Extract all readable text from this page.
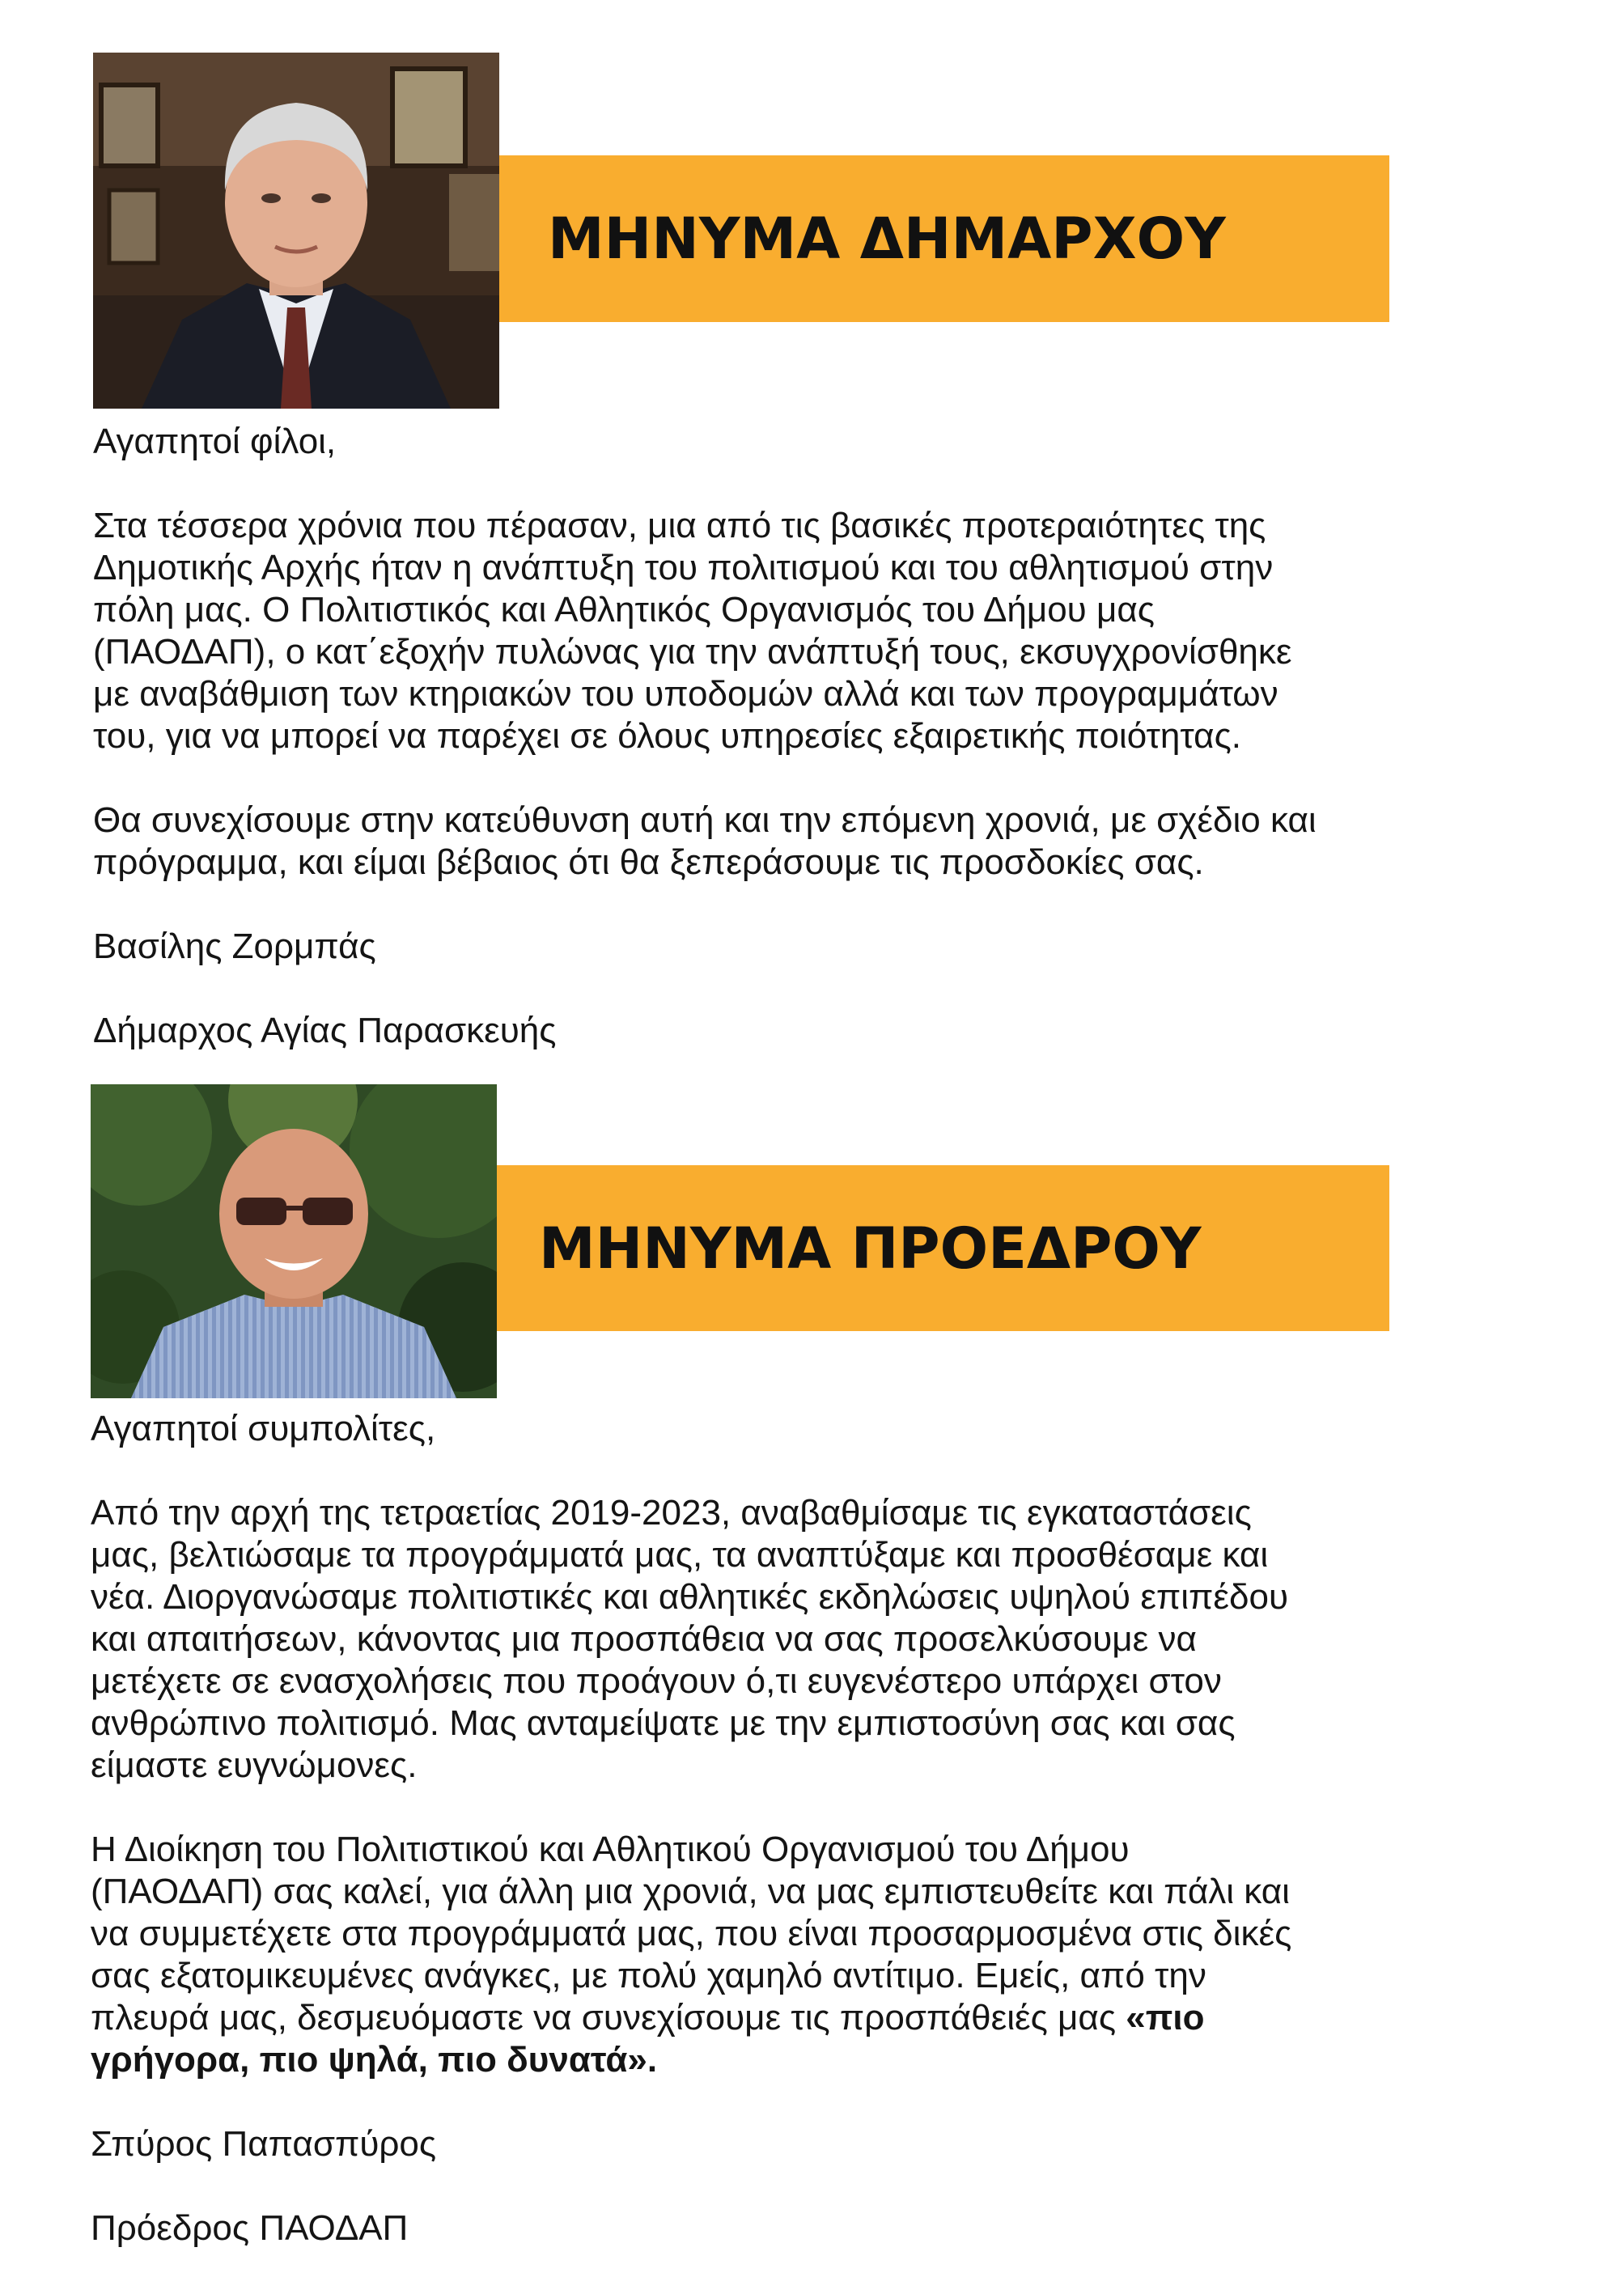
ΜΗΝΥΜΑ ΔΗΜΑΡΧΟΥ

Αγαπητοί φίλοι,

Στα τέσσερα χρόνια που πέρασαν, μια από τις βασικές προτεραιότητες της

Δημοτικής Αρχής ήταν η ανάπτυξη του πολιτισμού και του αθλητισμού στην

πόλη μας. Ο Πολιτιστικός και Αθλητικός Οργανισμός του Δήμου μας

(ΠΑΟΔΑΠ), ο κατ΄εξοχήν πυλώνας για την ανάπτυξή τους, εκσυγχρονίσθηκε

με αναβάθμιση των κτηριακών του υποδομών αλλά και των προγραμμάτων

του, για να μπορεί να παρέχει σε όλους υπηρεσίες εξαιρετικής ποιότητας.

Θα συνεχίσουμε στην κατεύθυνση αυτή και την επόμενη χρονιά, με σχέδιο και

πρόγραμμα, και είμαι βέβαιος ότι θα ξεπεράσουμε τις προσδοκίες σας.

Βασίλης Ζορμπάς

Δήμαρχος Αγίας Παρασκευής

ΜΗΝΥΜΑ ΠΡΟΕΔΡΟΥ

Αγαπητοί συμπολίτες,

Από την αρχή της τετραετίας 2019-2023, αναβαθμίσαμε τις εγκαταστάσεις

μας, βελτιώσαμε τα προγράμματά μας, τα αναπτύξαμε και προσθέσαμε και

νέα. Διοργανώσαμε πολιτιστικές και αθλητικές εκδηλώσεις υψηλού επιπέδου

και απαιτήσεων, κάνοντας μια προσπάθεια να σας προσελκύσουμε να

μετέχετε σε ενασχολήσεις που προάγουν ό,τι ευγενέστερο υπάρχει στον

ανθρώπινο πολιτισμό. Μας ανταμείψατε με την εμπιστοσύνη σας και σας

είμαστε ευγνώμονες.

Η Διοίκηση του Πολιτιστικού και Αθλητικού Οργανισμού του Δήμου

(ΠΑΟΔΑΠ) σας καλεί, για άλλη μια χρονιά, να μας εμπιστευθείτε και πάλι και

να συμμετέχετε στα προγράμματά μας, που είναι προσαρμοσμένα στις δικές

σας εξατομικευμένες ανάγκες, με πολύ χαμηλό αντίτιμο. Εμείς, από την

πλευρά μας, δεσμευόμαστε να συνεχίσουμε τις προσπάθειές μας «πιο

γρήγορα, πιο ψηλά, πιο δυνατά».

Σπύρος Παπασπύρος

Πρόεδρος ΠΑΟΔΑΠ
